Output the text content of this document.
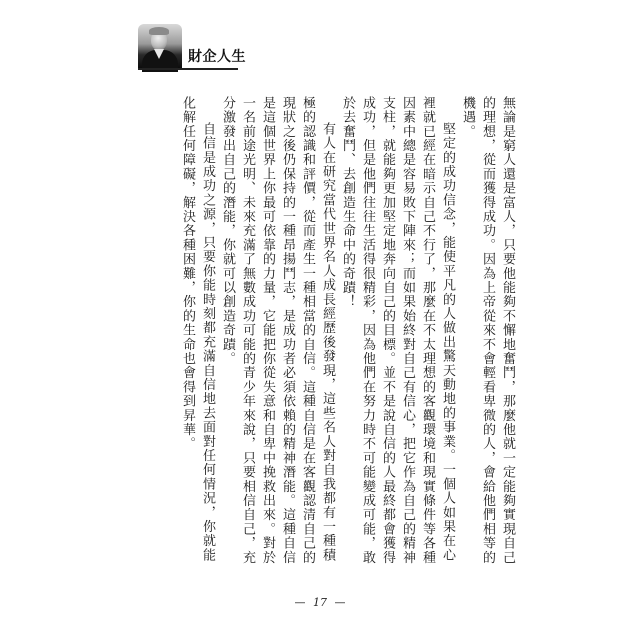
財企人生

無論是窮人還是富人，只要他能夠不懈地奮鬥，那麼他就一定能夠實現自己的理想，從而獲得成功。因為上帝從來不會輕看卑微的人，會給他們相等的機遇。

堅定的成功信念，能使平凡的人做出驚天動地的事業。一個人如果在心裡就已經在暗示自己不行了，那麼在不太理想的客觀環境和現實條件等各種因素中總是容易敗下陣來；而如果始終對自己有信心，把它作為自己的精神支柱，就能夠更加堅定地奔向自己的目標。並不是說自信的人最終都會獲得成功，但是他們往往生活得很精彩，因為他們在努力時不可能變成可能，敢於去奮鬥、去創造生命中的奇蹟！

有人在研究當代世界名人成長經歷後發現，這些名人對自我都有一種積極的認識和評價，從而產生一種相當的自信。這種自信是在客觀認清自己的現狀之後仍保持的一種昂揚鬥志，是成功者必須依賴的精神潛能。這種自信是這個世界上你最可依靠的力量，它能把你從失意和自卑中挽救出來。對於一名前途光明、未來充滿了無數成功可能的青少年來說，只要相信自己，充分激發出自己的潛能，你就可以創造奇蹟。

自信是成功之源，只要你能時刻都充滿自信地去面對任何情況，你就能化解任何障礙，解決各種困難，你的生命也會得到昇華。

— 17 —
